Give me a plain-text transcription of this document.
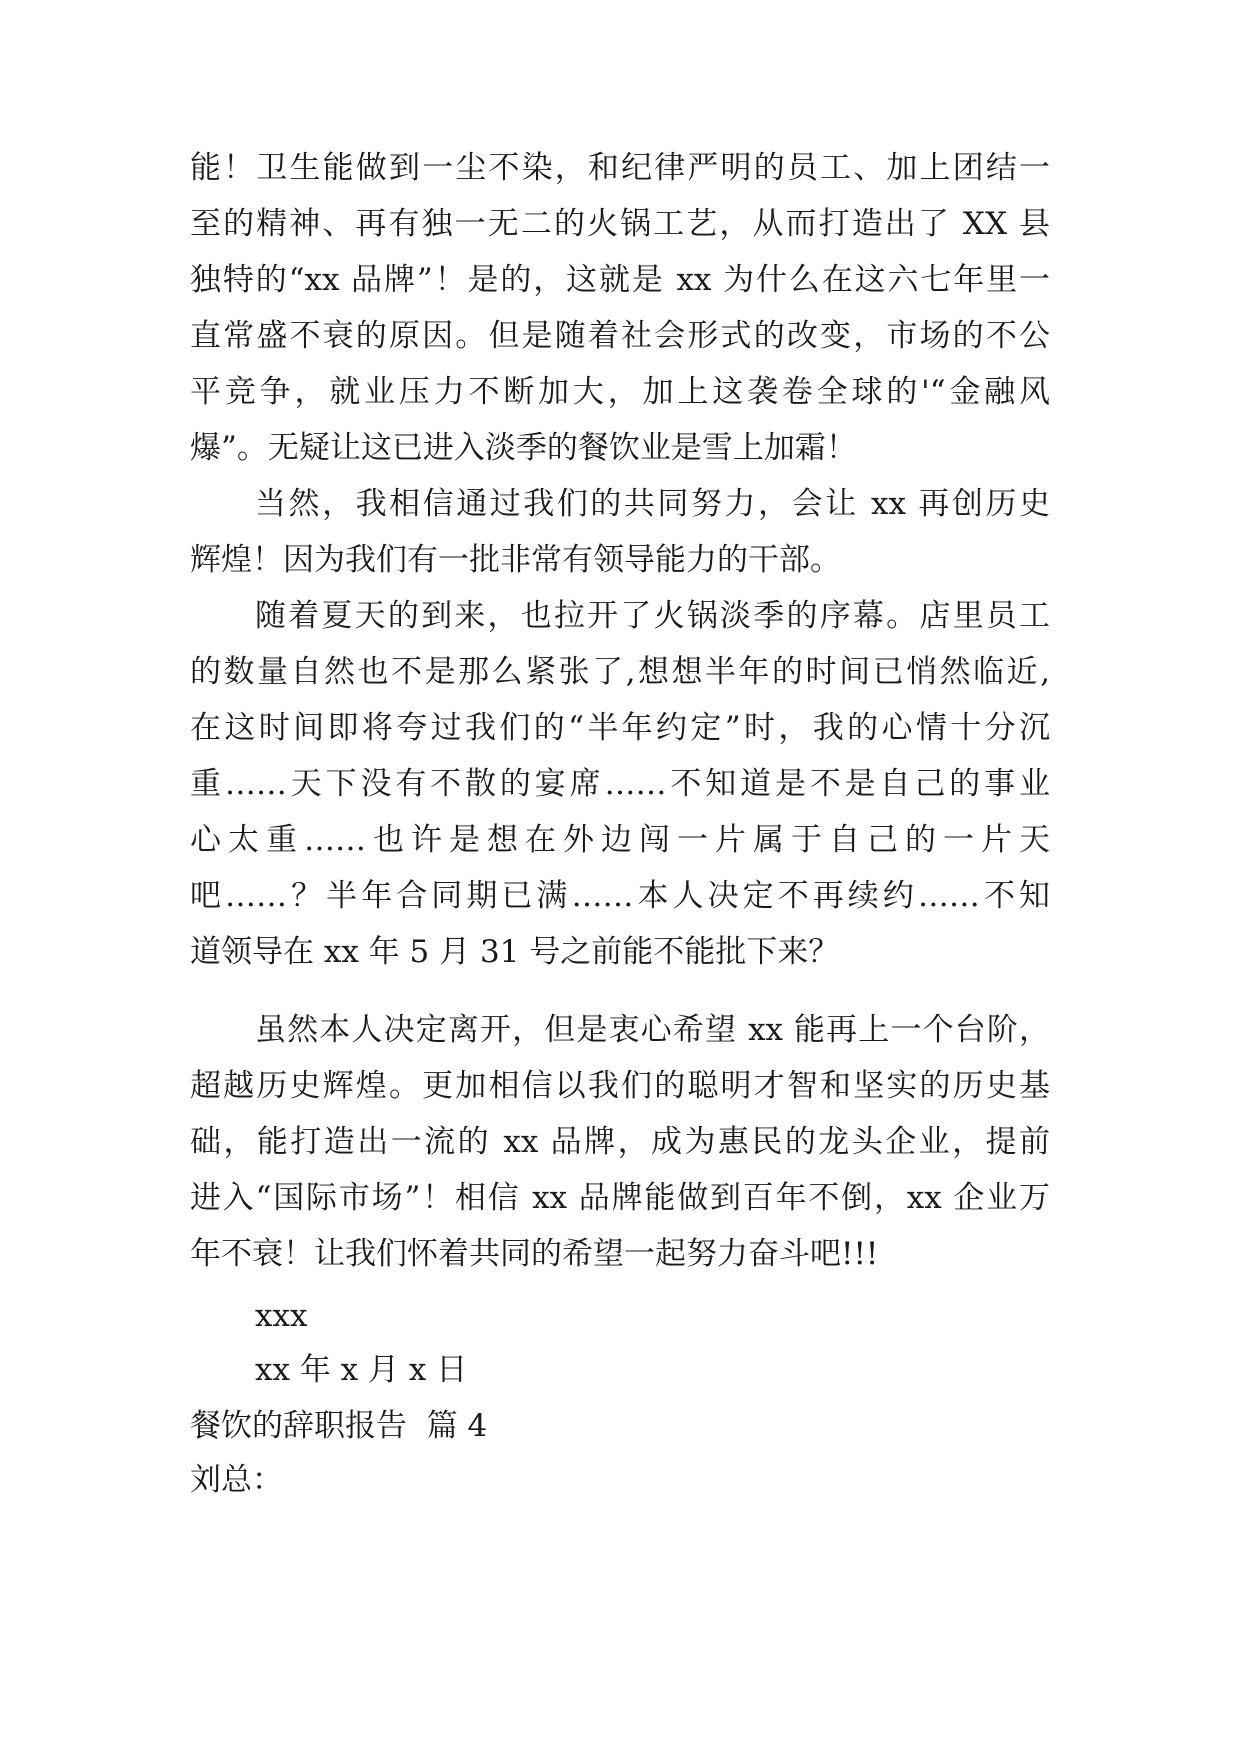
能！卫生能做到一尘不染，和纪律严明的员工、加上团结一
至的精神、再有独一无二的火锅工艺，从而打造出了 XX 县
独特的“xx 品牌”！是的，这就是 xx 为什么在这六七年里一
直常盛不衰的原因。但是随着社会形式的改变，市场的不公
平竞争，就业压力不断加大，加上这袭卷全球的'“金融风
爆”。无疑让这已进入淡季的餐饮业是雪上加霜！
当然，我相信通过我们的共同努力，会让 xx 再创历史
辉煌！因为我们有一批非常有领导能力的干部。
随着夏天的到来，也拉开了火锅淡季的序幕。店里员工
的数量自然也不是那么紧张了,想想半年的时间已悄然临近,
在这时间即将夸过我们的“半年约定”时，我的心情十分沉
重……天下没有不散的宴席……不知道是不是自己的事业
心太重……也许是想在外边闯一片属于自己的一片天
吧……？半年合同期已满……本人决定不再续约……不知
道领导在 xx 年 5 月 31 号之前能不能批下来？
虽然本人决定离开，但是衷心希望 xx 能再上一个台阶，
超越历史辉煌。更加相信以我们的聪明才智和坚实的历史基
础，能打造出一流的 xx 品牌，成为惠民的龙头企业，提前
进入“国际市场”！相信 xx 品牌能做到百年不倒，xx 企业万
年不衰！让我们怀着共同的希望一起努力奋斗吧!!!
xxx
xx 年 x 月 x 日
餐饮的辞职报告  篇 4
刘总：
